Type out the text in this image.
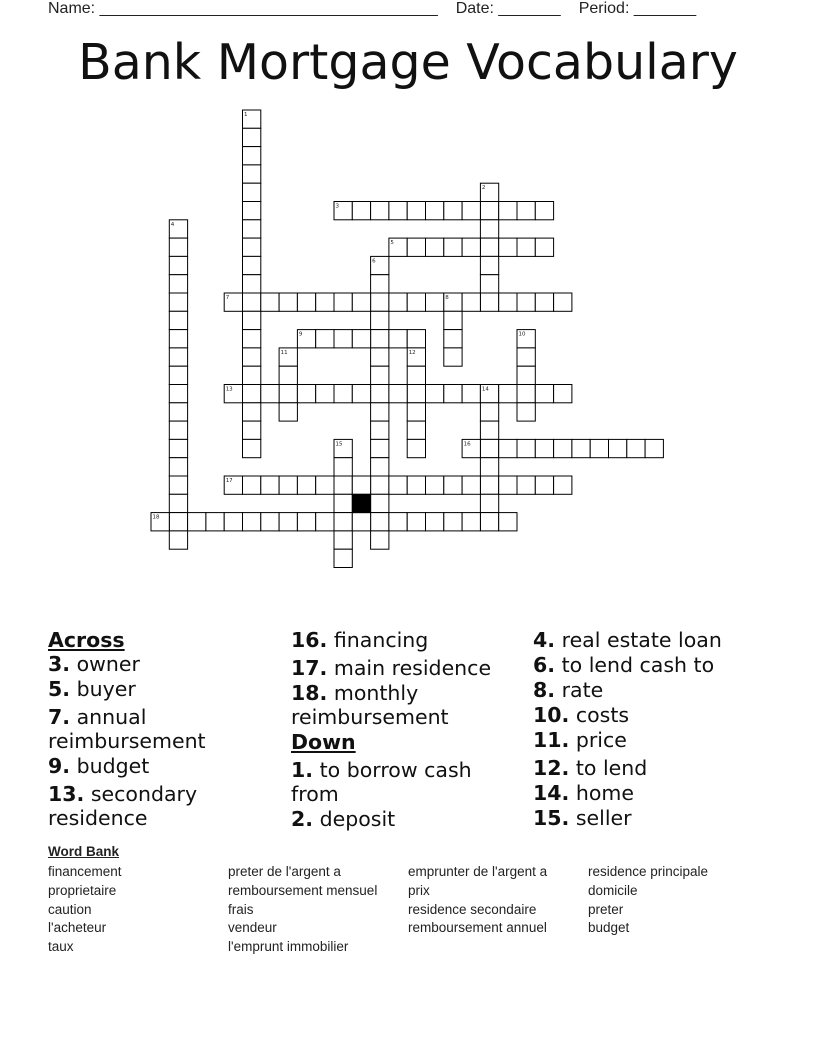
Name: ______________________________________ Date: _______ Period: _______
Bank Mortgage Vocabulary
1
2
3
4
5
6
7	8
9	10
11	12
13	14
15	16
17
18
Across
3. owner
5. buyer
7. annual reimbursement
9. budget
13. secondary residence
16. financing
17. main residence
18. monthly reimbursement
Down
1. to borrow cash from
2. deposit
4. real estate loan
6. to lend cash to
8. rate
10. costs
11. price
12. to lend
14. home
15. seller
Word Bank
financement
proprietaire
caution
l'acheteur
taux
preter de l'argent a
remboursement mensuel
frais
vendeur
l'emprunt immobilier
emprunter de l'argent a
prix
residence secondaire
remboursement annuel
residence principale
domicile
preter
budget
